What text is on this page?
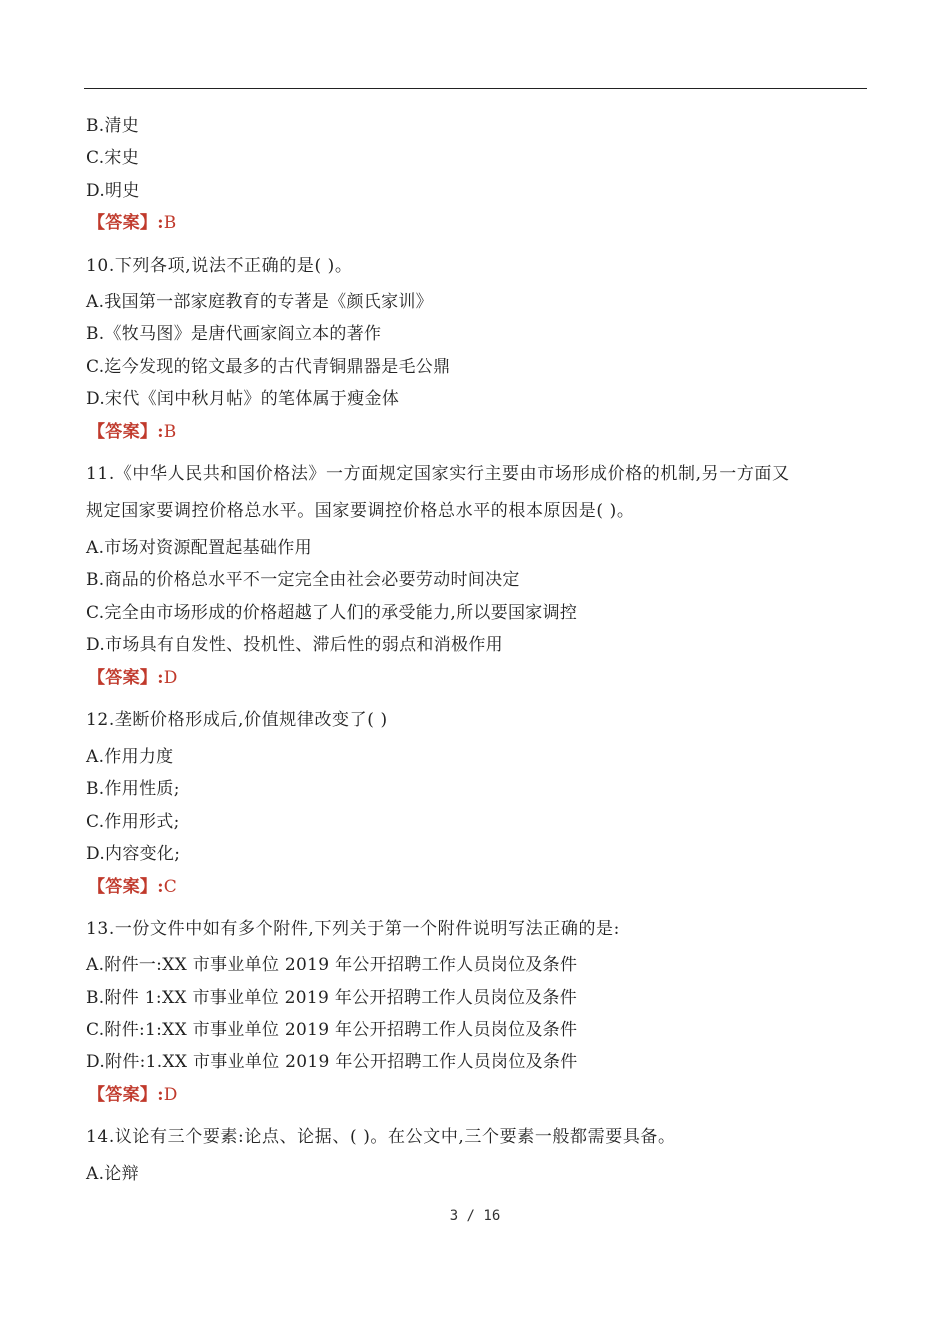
B.清史
C.宋史
D.明史
【答案】:B
10.下列各项,说法不正确的是( )。
A.我国第一部家庭教育的专著是《颜氏家训》
B.《牧马图》是唐代画家阎立本的著作
C.迄今发现的铭文最多的古代青铜鼎器是毛公鼎
D.宋代《闰中秋月帖》的笔体属于瘦金体
【答案】:B
11.《中华人民共和国价格法》一方面规定国家实行主要由市场形成价格的机制,另一方面又
规定国家要调控价格总水平。国家要调控价格总水平的根本原因是( )。
A.市场对资源配置起基础作用
B.商品的价格总水平不一定完全由社会必要劳动时间决定
C.完全由市场形成的价格超越了人们的承受能力,所以要国家调控
D.市场具有自发性、投机性、滞后性的弱点和消极作用
【答案】:D
12.垄断价格形成后,价值规律改变了( )
A.作用力度
B.作用性质;
C.作用形式;
D.内容变化;
【答案】:C
13.一份文件中如有多个附件,下列关于第一个附件说明写法正确的是:
A.附件一:XX 市事业单位 2019 年公开招聘工作人员岗位及条件
B.附件 1:XX 市事业单位 2019 年公开招聘工作人员岗位及条件
C.附件:1:XX 市事业单位 2019 年公开招聘工作人员岗位及条件
D.附件:1.XX 市事业单位 2019 年公开招聘工作人员岗位及条件
【答案】:D
14.议论有三个要素:论点、论据、( )。在公文中,三个要素一般都需要具备。
A.论辩
3 / 16
